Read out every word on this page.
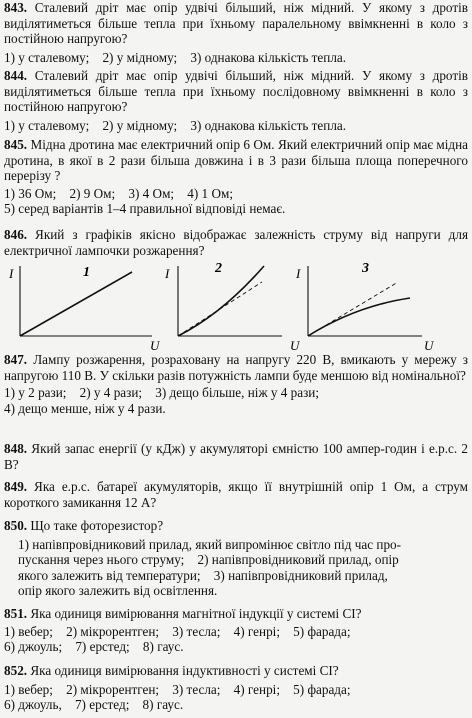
843. Сталевий дріт має опір удвічі більший, ніж мідний. У якому з дротів виділятиметься більше тепла при їхньому паралельному ввімкненні в коло з постійною напругою?

1) у сталевому;    2) у мідному;    3) однакова кількість тепла.

844. Сталевий дріт має опір удвічі більший, ніж мідний. У якому з дротів виділятиметься більше тепла при їхньому послідовному ввімкненні в коло з постійною напругою?

1) у сталевому;    2) у мідному;    3) однакова кількість тепла.

845. Мідна дротина має електричний опір 6 Ом. Який електричний опір має мідна дротина, в якої в 2 рази більша довжина і в 3 рази більша площа поперечного перерізу ?

1) 36 Ом;    2) 9 Ом;    3) 4 Ом;    4) 1 Ом;

5) серед варіантів 1–4 правильної відповіді немає.

846. Який з графіків якісно відображає залежність струму від напруги для електричної лампочки розжарення?

I
U
1	I
U
2	I
U
3

847. Лампу розжарення, розраховану на напругу 220 В, вмикають у мережу з напругою 110 В. У скільки разів потужність лампи буде меншою від номінальної?

1) у 2 рази;    2) у 4 рази;    3) дещо більше, ніж у 4 рази;

4) дещо менше, ніж у 4 рази.

848. Який запас енергії (у кДж) у акумуляторі ємністю 100 ампер-годин і е.р.с. 2 В?

849. Яка е.р.с. батареї акумуляторів, якщо її внутрішній опір 1 Ом, а струм короткого замикання 12 А?

850. Що таке фоторезистор?

1) напівпровідниковий прилад, який випромінює світло під час про-

пускання через нього струму;    2) напівпровідниковий прилад, опір

якого залежить від температури;    3) напівпровідниковий прилад,

опір якого залежить від освітлення.

851. Яка одиниця вимірювання магнітної індукції у системі СІ?

1) вебер;    2) мікрорентген;    3) тесла;    4) генрі;    5) фарада;

6) джоуль;    7) ерстед;    8) гаус.

852. Яка одиниця вимірювання індуктивності у системі СІ?

1) вебер;    2) мікрорентген;    3) тесла;    4) генрі;    5) фарада;

6) джоуль,    7) ерстед;    8) гаус.
